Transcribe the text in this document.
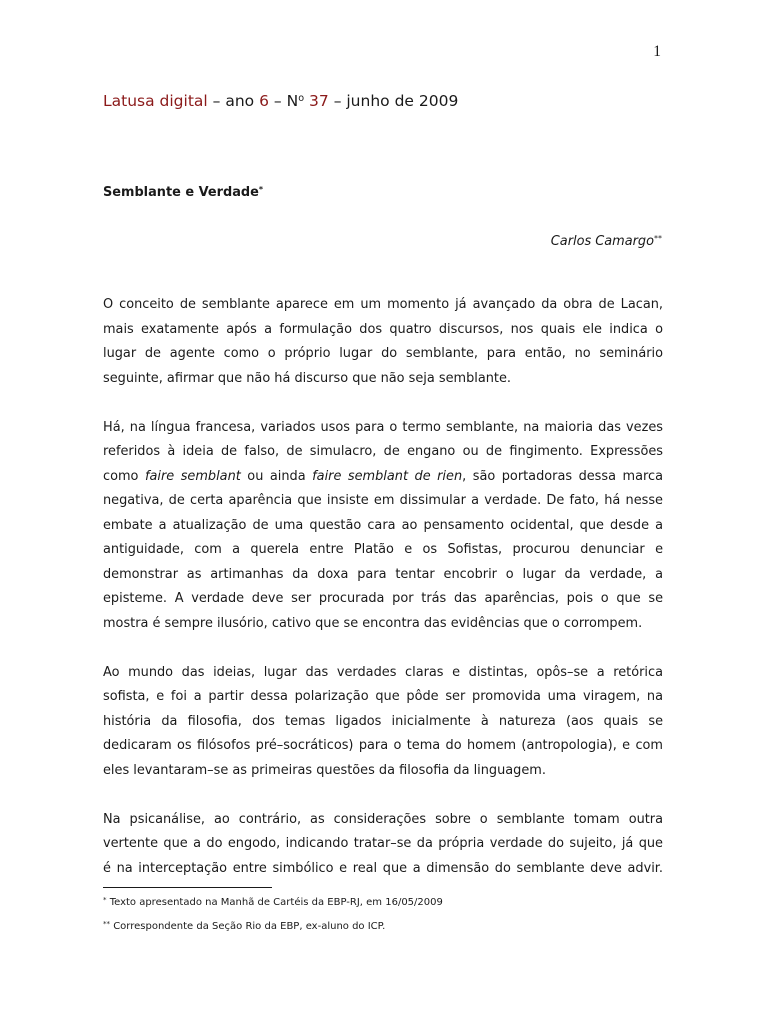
1
Latusa digital – ano $6 - N^o$ 37 – junho de 2009
Semblante e Verdade*
Carlos Camargo**
O conceito de semblante aparece em um momento já avançado da obra de Lacan,
mais exatamente após a formulação dos quatro discursos, nos quais ele indica o
lugar de agente como o próprio lugar do semblante, para então, no seminário
seguinte, afirmar que não há discurso que não seja semblante.
Há, na língua francesa, variados usos para o termo semblante, na maioria das vezes
referidos à ideia de falso, de simulacro, de engano ou de fingimento. Expressões
como faire semblant ou ainda faire semblant de rien, são portadoras dessa marca
negativa, de certa aparência que insiste em dissimular a verdade. De fato, há nesse
embate a atualização de uma questão cara ao pensamento ocidental, que desde a
antiguidade, com a querela entre Platão e os Sofistas, procurou denunciar e
demonstrar as artimanhas da doxa para tentar encobrir o lugar da verdade, a
episteme. A verdade deve ser procurada por trás das aparências, pois o que se
mostra é sempre ilusório, cativo que se encontra das evidências que o corrompem.
Ao mundo das ideias, lugar das verdades claras e distintas, opôs–se a retórica
sofista, e foi a partir dessa polarização que pôde ser promovida uma viragem, na
história da filosofia, dos temas ligados inicialmente à natureza (aos quais se
dedicaram os filósofos pré–socráticos) para o tema do homem (antropologia), e com
eles levantaram–se as primeiras questões da filosofia da linguagem.
Na psicanálise, ao contrário, as considerações sobre o semblante tomam outra
vertente que a do engodo, indicando tratar–se da própria verdade do sujeito, já que
é na interceptação entre simbólico e real que a dimensão do semblante deve advir.
* Texto apresentado na Manhã de Cartéis da EBP-RJ, em 16/05/2009
** Correspondente da Seção Rio da EBP, ex-aluno do ICP.
